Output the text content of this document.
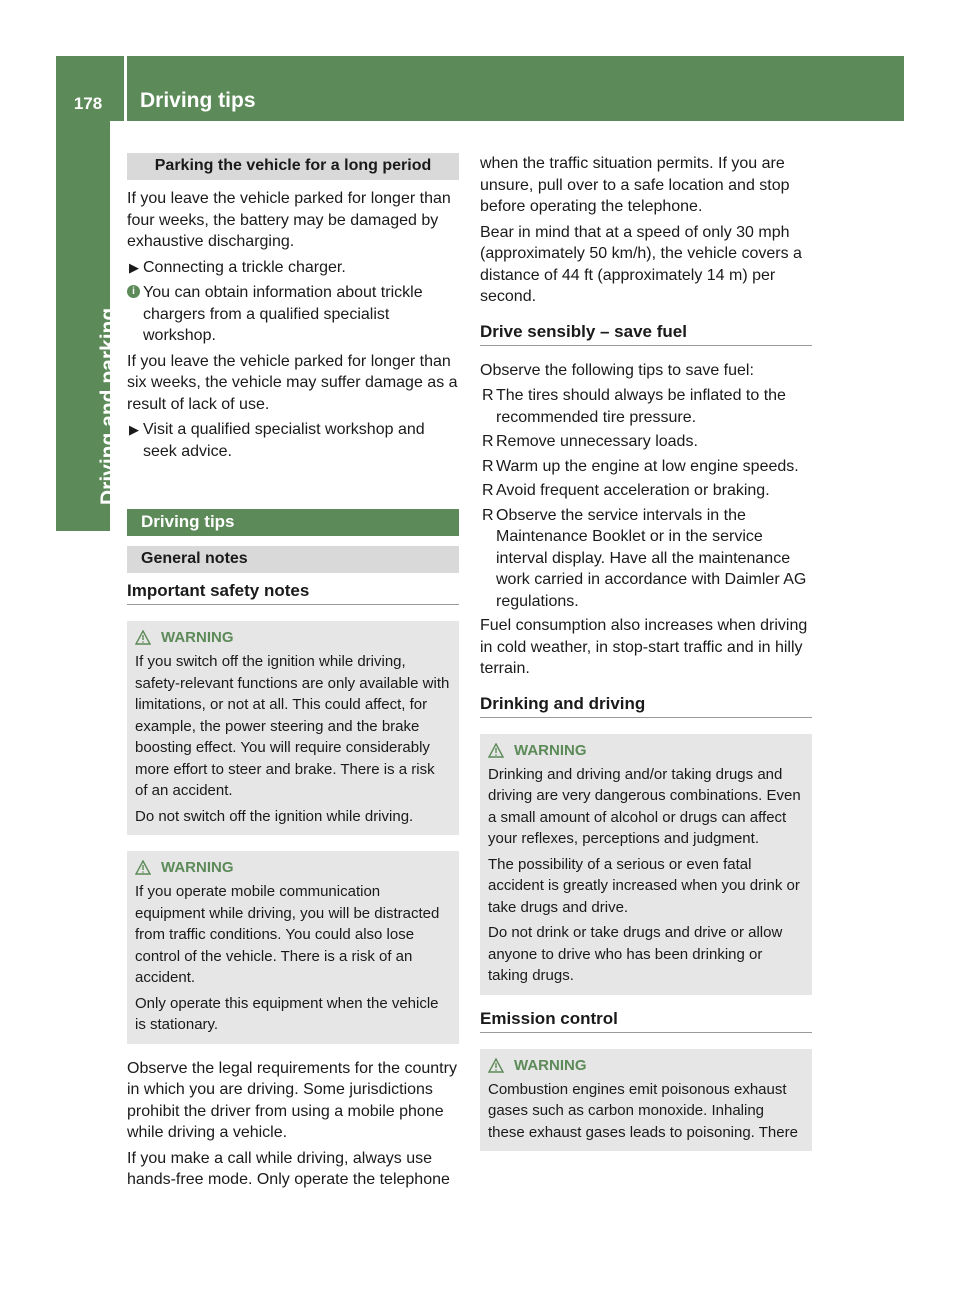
178	Driving tips
Driving and parking
Parking the vehicle for a long period

If you leave the vehicle parked for longer than four weeks, the battery may be damaged by exhaustive discharging.

▶ Connecting a trickle charger.
i You can obtain information about trickle chargers from a qualified specialist workshop.

If you leave the vehicle parked for longer than six weeks, the vehicle may suffer damage as a result of lack of use.

▶ Visit a qualified specialist workshop and seek advice.
Driving tips
General notes
Important safety notes
WARNING

If you switch off the ignition while driving, safety-relevant functions are only available with limitations, or not at all. This could affect, for example, the power steering and the brake boosting effect. You will require considerably more effort to steer and brake. There is a risk of an accident.

Do not switch off the ignition while driving.

WARNING

If you operate mobile communication equipment while driving, you will be distracted from traffic conditions. You could also lose control of the vehicle. There is a risk of an accident.

Only operate this equipment when the vehicle is stationary.

Observe the legal requirements for the country in which you are driving. Some jurisdictions prohibit the driver from using a mobile phone while driving a vehicle.

If you make a call while driving, always use hands-free mode. Only operate the telephone

when the traffic situation permits. If you are unsure, pull over to a safe location and stop before operating the telephone.

Bear in mind that at a speed of only 30 mph (approximately 50 km/h), the vehicle covers a distance of 44 ft (approximately 14 m) per second.

Drive sensibly – save fuel

Observe the following tips to save fuel:

R The tires should always be inflated to the recommended tire pressure.
R Remove unnecessary loads.
R Warm up the engine at low engine speeds.
R Avoid frequent acceleration or braking.
R Observe the service intervals in the Maintenance Booklet or in the service interval display. Have all the maintenance work carried in accordance with Daimler AG regulations.

Fuel consumption also increases when driving in cold weather, in stop-start traffic and in hilly terrain.

Drinking and driving
WARNING

Drinking and driving and/or taking drugs and driving are very dangerous combinations. Even a small amount of alcohol or drugs can affect your reflexes, perceptions and judgment.

The possibility of a serious or even fatal accident is greatly increased when you drink or take drugs and drive.

Do not drink or take drugs and drive or allow anyone to drive who has been drinking or taking drugs.

Emission control
WARNING

Combustion engines emit poisonous exhaust gases such as carbon monoxide. Inhaling these exhaust gases leads to poisoning. There
